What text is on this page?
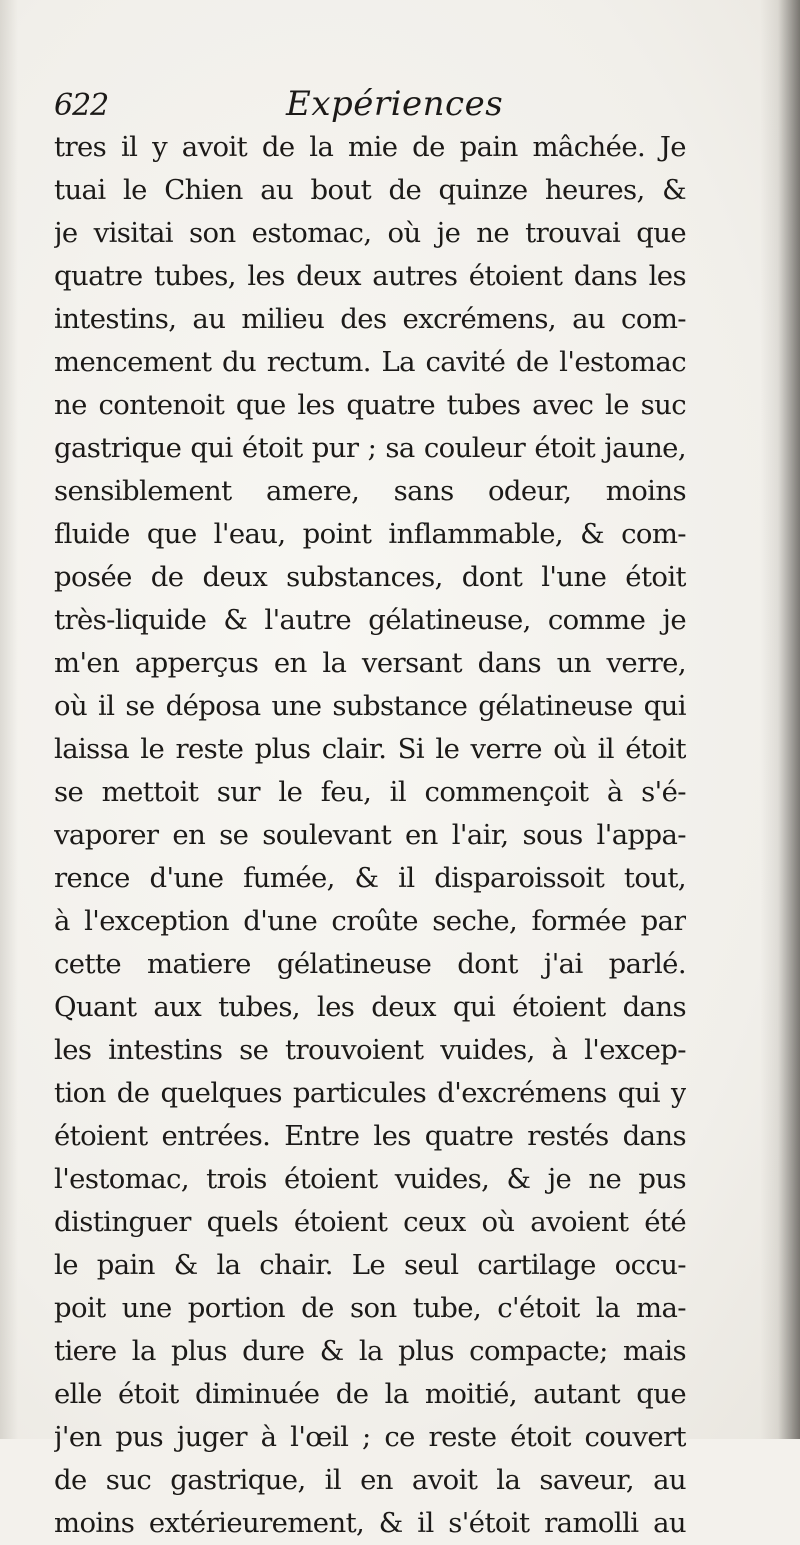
622	Expériences
tres il y avoit de la mie de pain mâchée. Je
tuai le Chien au bout de quinze heures, &
je visitai son estomac, où je ne trouvai que
quatre tubes, les deux autres étoient dans les
intestins, au milieu des excrémens, au com-
mencement du rectum. La cavité de l'estomac
ne contenoit que les quatre tubes avec le suc
gastrique qui étoit pur ; sa couleur étoit jaune,
sensiblement amere, sans odeur, moins
fluide que l'eau, point inflammable, & com-
posée de deux substances, dont l'une étoit
très-liquide & l'autre gélatineuse, comme je
m'en apperçus en la versant dans un verre,
où il se déposa une substance gélatineuse qui
laissa le reste plus clair. Si le verre où il étoit
se mettoit sur le feu, il commençoit à s'é-
vaporer en se soulevant en l'air, sous l'appa-
rence d'une fumée, & il disparoissoit tout,
à l'exception d'une croûte seche, formée par
cette matiere gélatineuse dont j'ai parlé.
Quant aux tubes, les deux qui étoient dans
les intestins se trouvoient vuides, à l'excep-
tion de quelques particules d'excrémens qui y
étoient entrées. Entre les quatre restés dans
l'estomac, trois étoient vuides, & je ne pus
distinguer quels étoient ceux où avoient été
le pain & la chair. Le seul cartilage occu-
poit une portion de son tube, c'étoit la ma-
tiere la plus dure & la plus compacte; mais
elle étoit diminuée de la moitié, autant que
j'en pus juger à l'œil ; ce reste étoit couvert
de suc gastrique, il en avoit la saveur, au
moins extérieurement, & il s'étoit ramolli au
